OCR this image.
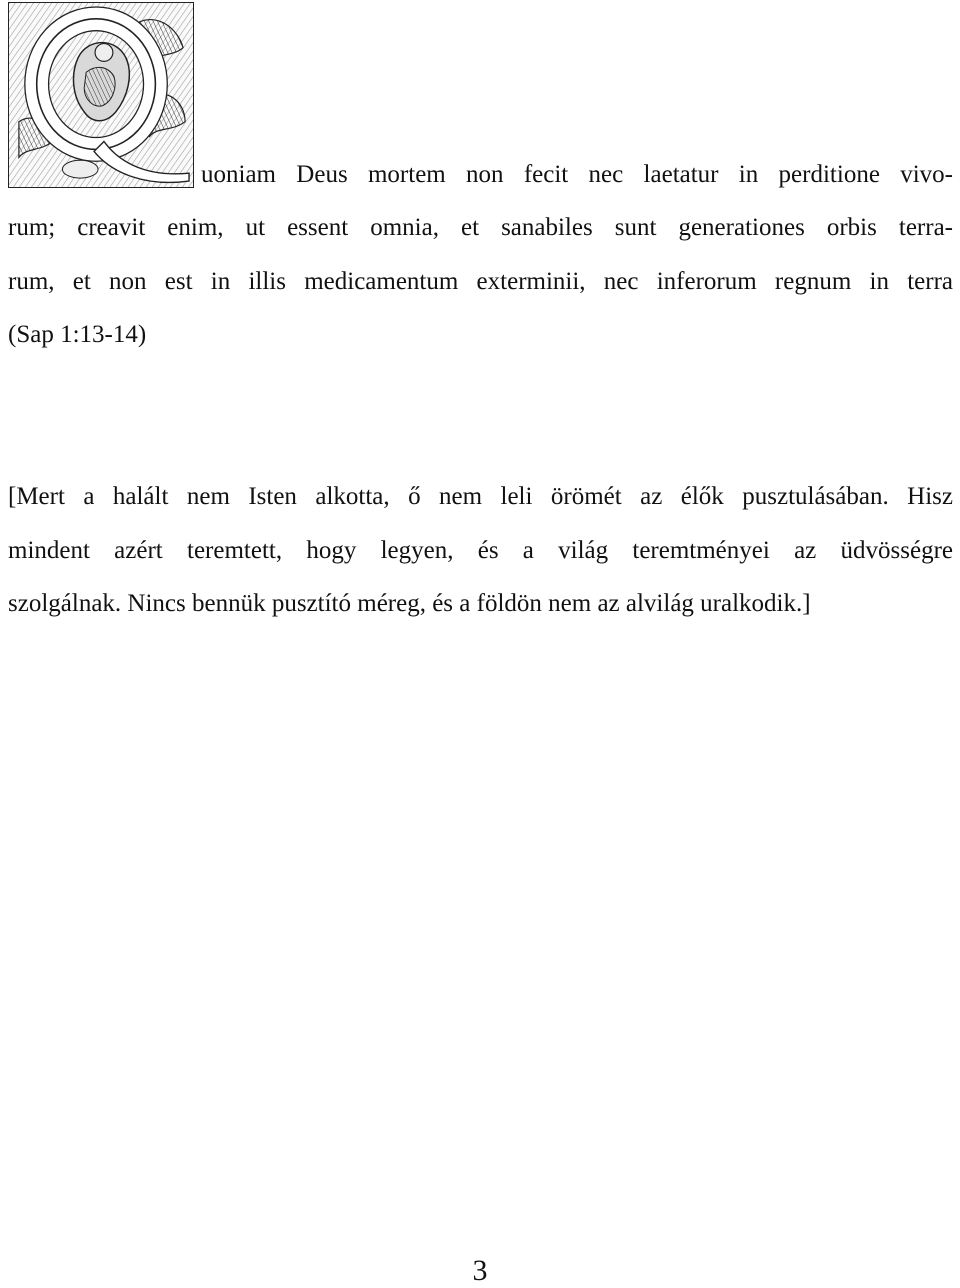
uoniam Deus mortem non fecit nec laetatur in perditione vivo-
rum; creavit enim, ut essent omnia, et sanabiles sunt generationes orbis terra-
rum, et non est in illis medicamentum exterminii, nec inferorum regnum in terra
(Sap 1:13-14)
[Mert a halált nem Isten alkotta, ő nem leli örömét az élők pusztulásában. Hisz
mindent azért teremtett, hogy legyen, és a világ teremtményei az üdvösségre
szolgálnak. Nincs bennük pusztító méreg, és a földön nem az alvilág uralkodik.]
3
